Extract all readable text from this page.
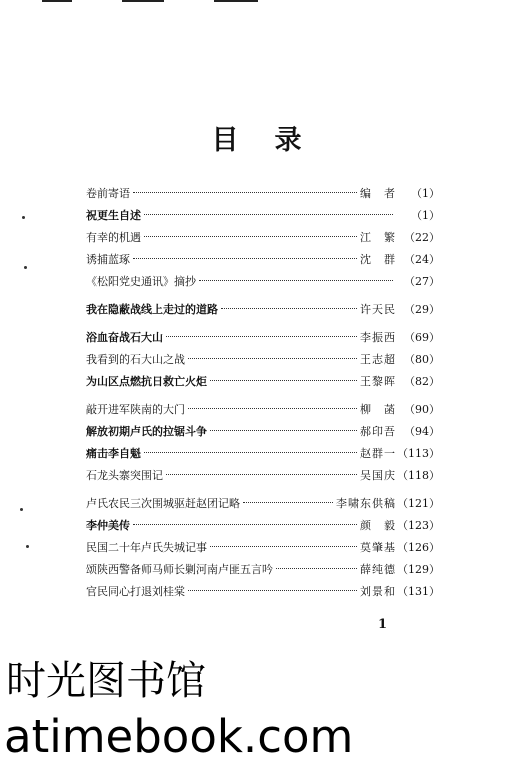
目录
卷前寄语	编　者	（1）
祝更生自述	（1）
有幸的机遇	江　繁 （22）
诱捕蓝琢	沈　群 （24）
《松阳党史通讯》摘抄	（27）
我在隐蔽战线上走过的道路	许天民 （29）
浴血奋战石大山	李振西 （69）
我看到的石大山之战	王志超 （80）
为山区点燃抗日救亡火炬	王黎晖 （82）
敲开进军陕南的大门	柳　菡 （90）
解放初期卢氏的拉锯斗争	郝印吾 （94）
痛击李自魁	赵群一 （113）
石龙头寨突围记	吴国庆 （118）
卢氏农民三次围城驱赶赵团记略	李啸东供稿 （121）
李仲美传	颜　毅 （123）
民国二十年卢氏失城记事	莫肇基 （126）
颂陕西警备师马师长剿河南卢匪五言吟	薛纯德 （129）
官民同心打退刘桂棠	刘景和 （131）
1
时光图书馆
atimebook.com
